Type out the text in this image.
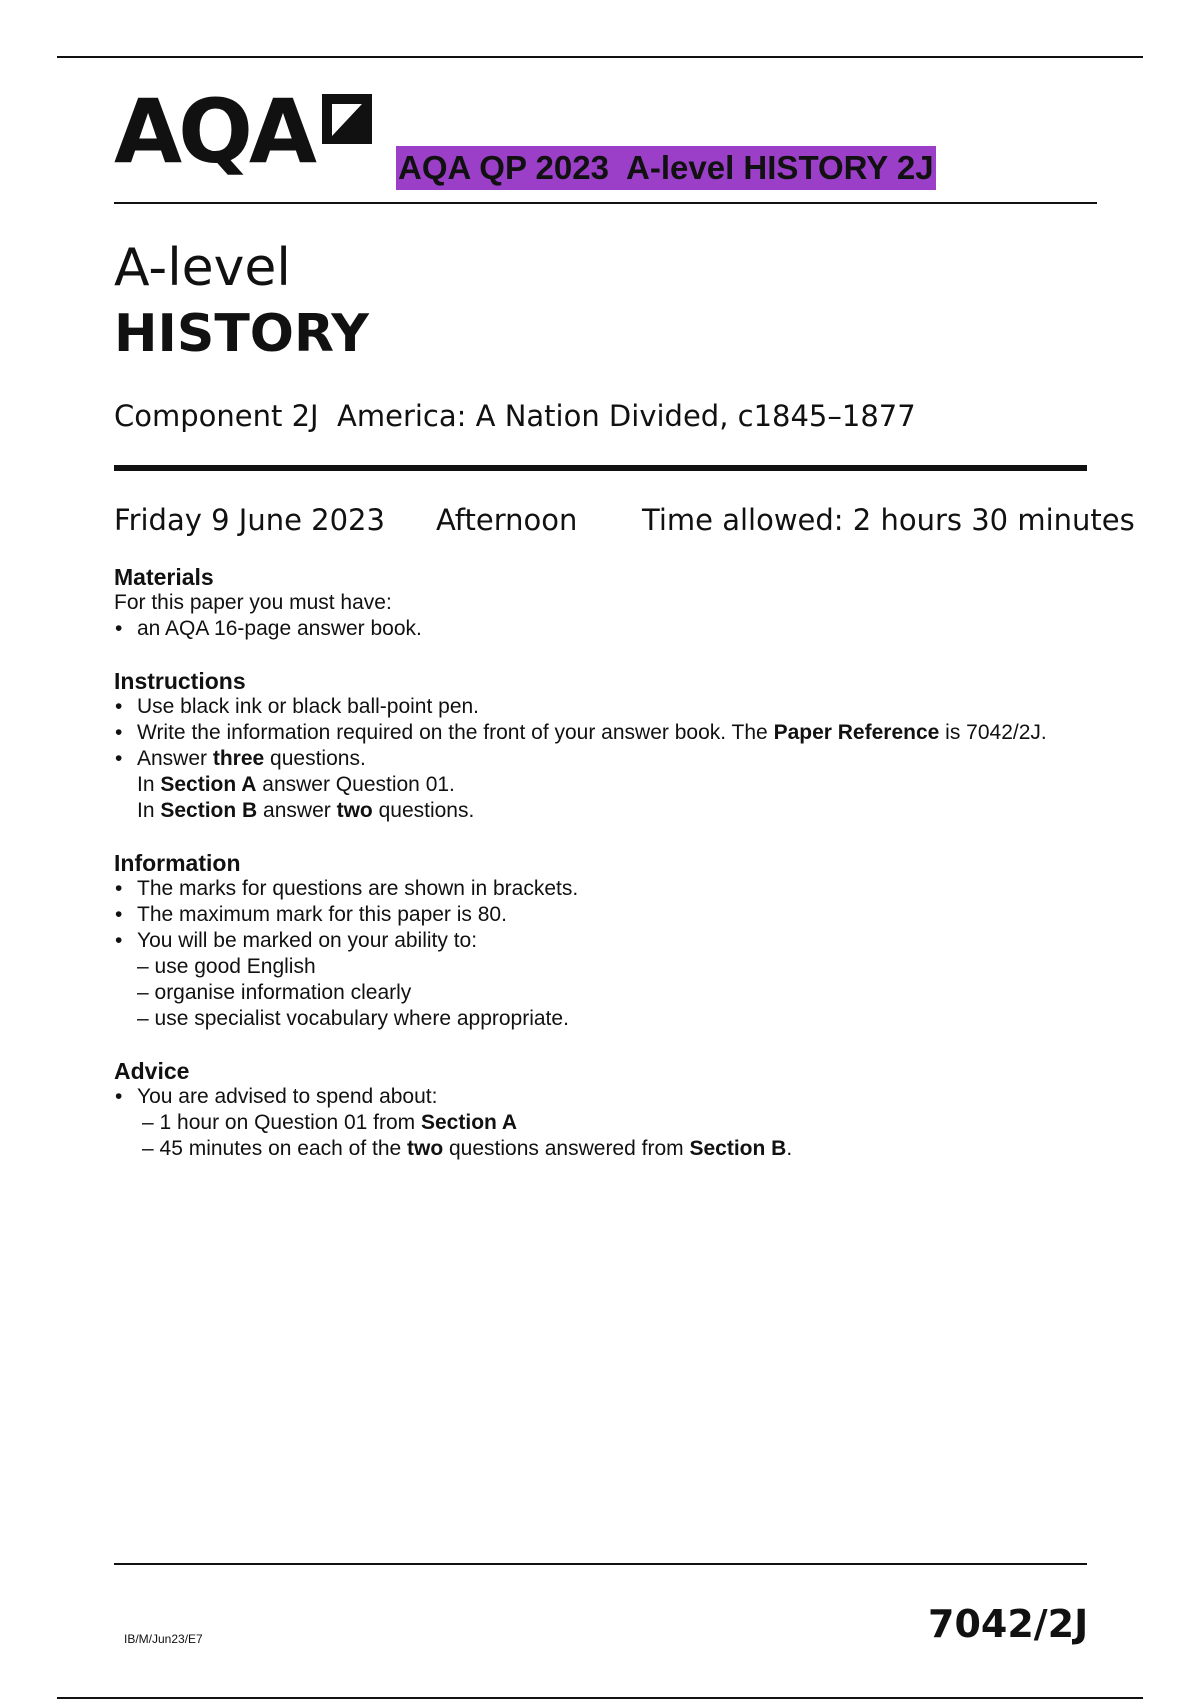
AQA	AQA QP 2023  A-level HISTORY 2J
A-level
HISTORY
Component 2J  America: A Nation Divided, c1845–1877
Friday 9 June 2023 Afternoon Time allowed: 2 hours 30 minutes
Materials
For this paper you must have:
• an AQA 16-page answer book.
Instructions
• Use black ink or black ball-point pen.
• Write the information required on the front of your answer book. The Paper Reference is 7042/2J.
• Answer three questions.
In Section A answer Question 01.
In Section B answer two questions.
Information
• The marks for questions are shown in brackets.
• The maximum mark for this paper is 80.
• You will be marked on your ability to:
– use good English
– organise information clearly
– use specialist vocabulary where appropriate.
Advice
• You are advised to spend about:
– 1 hour on Question 01 from Section A
– 45 minutes on each of the two questions answered from Section B.
IB/M/Jun23/E7	7042/2J
